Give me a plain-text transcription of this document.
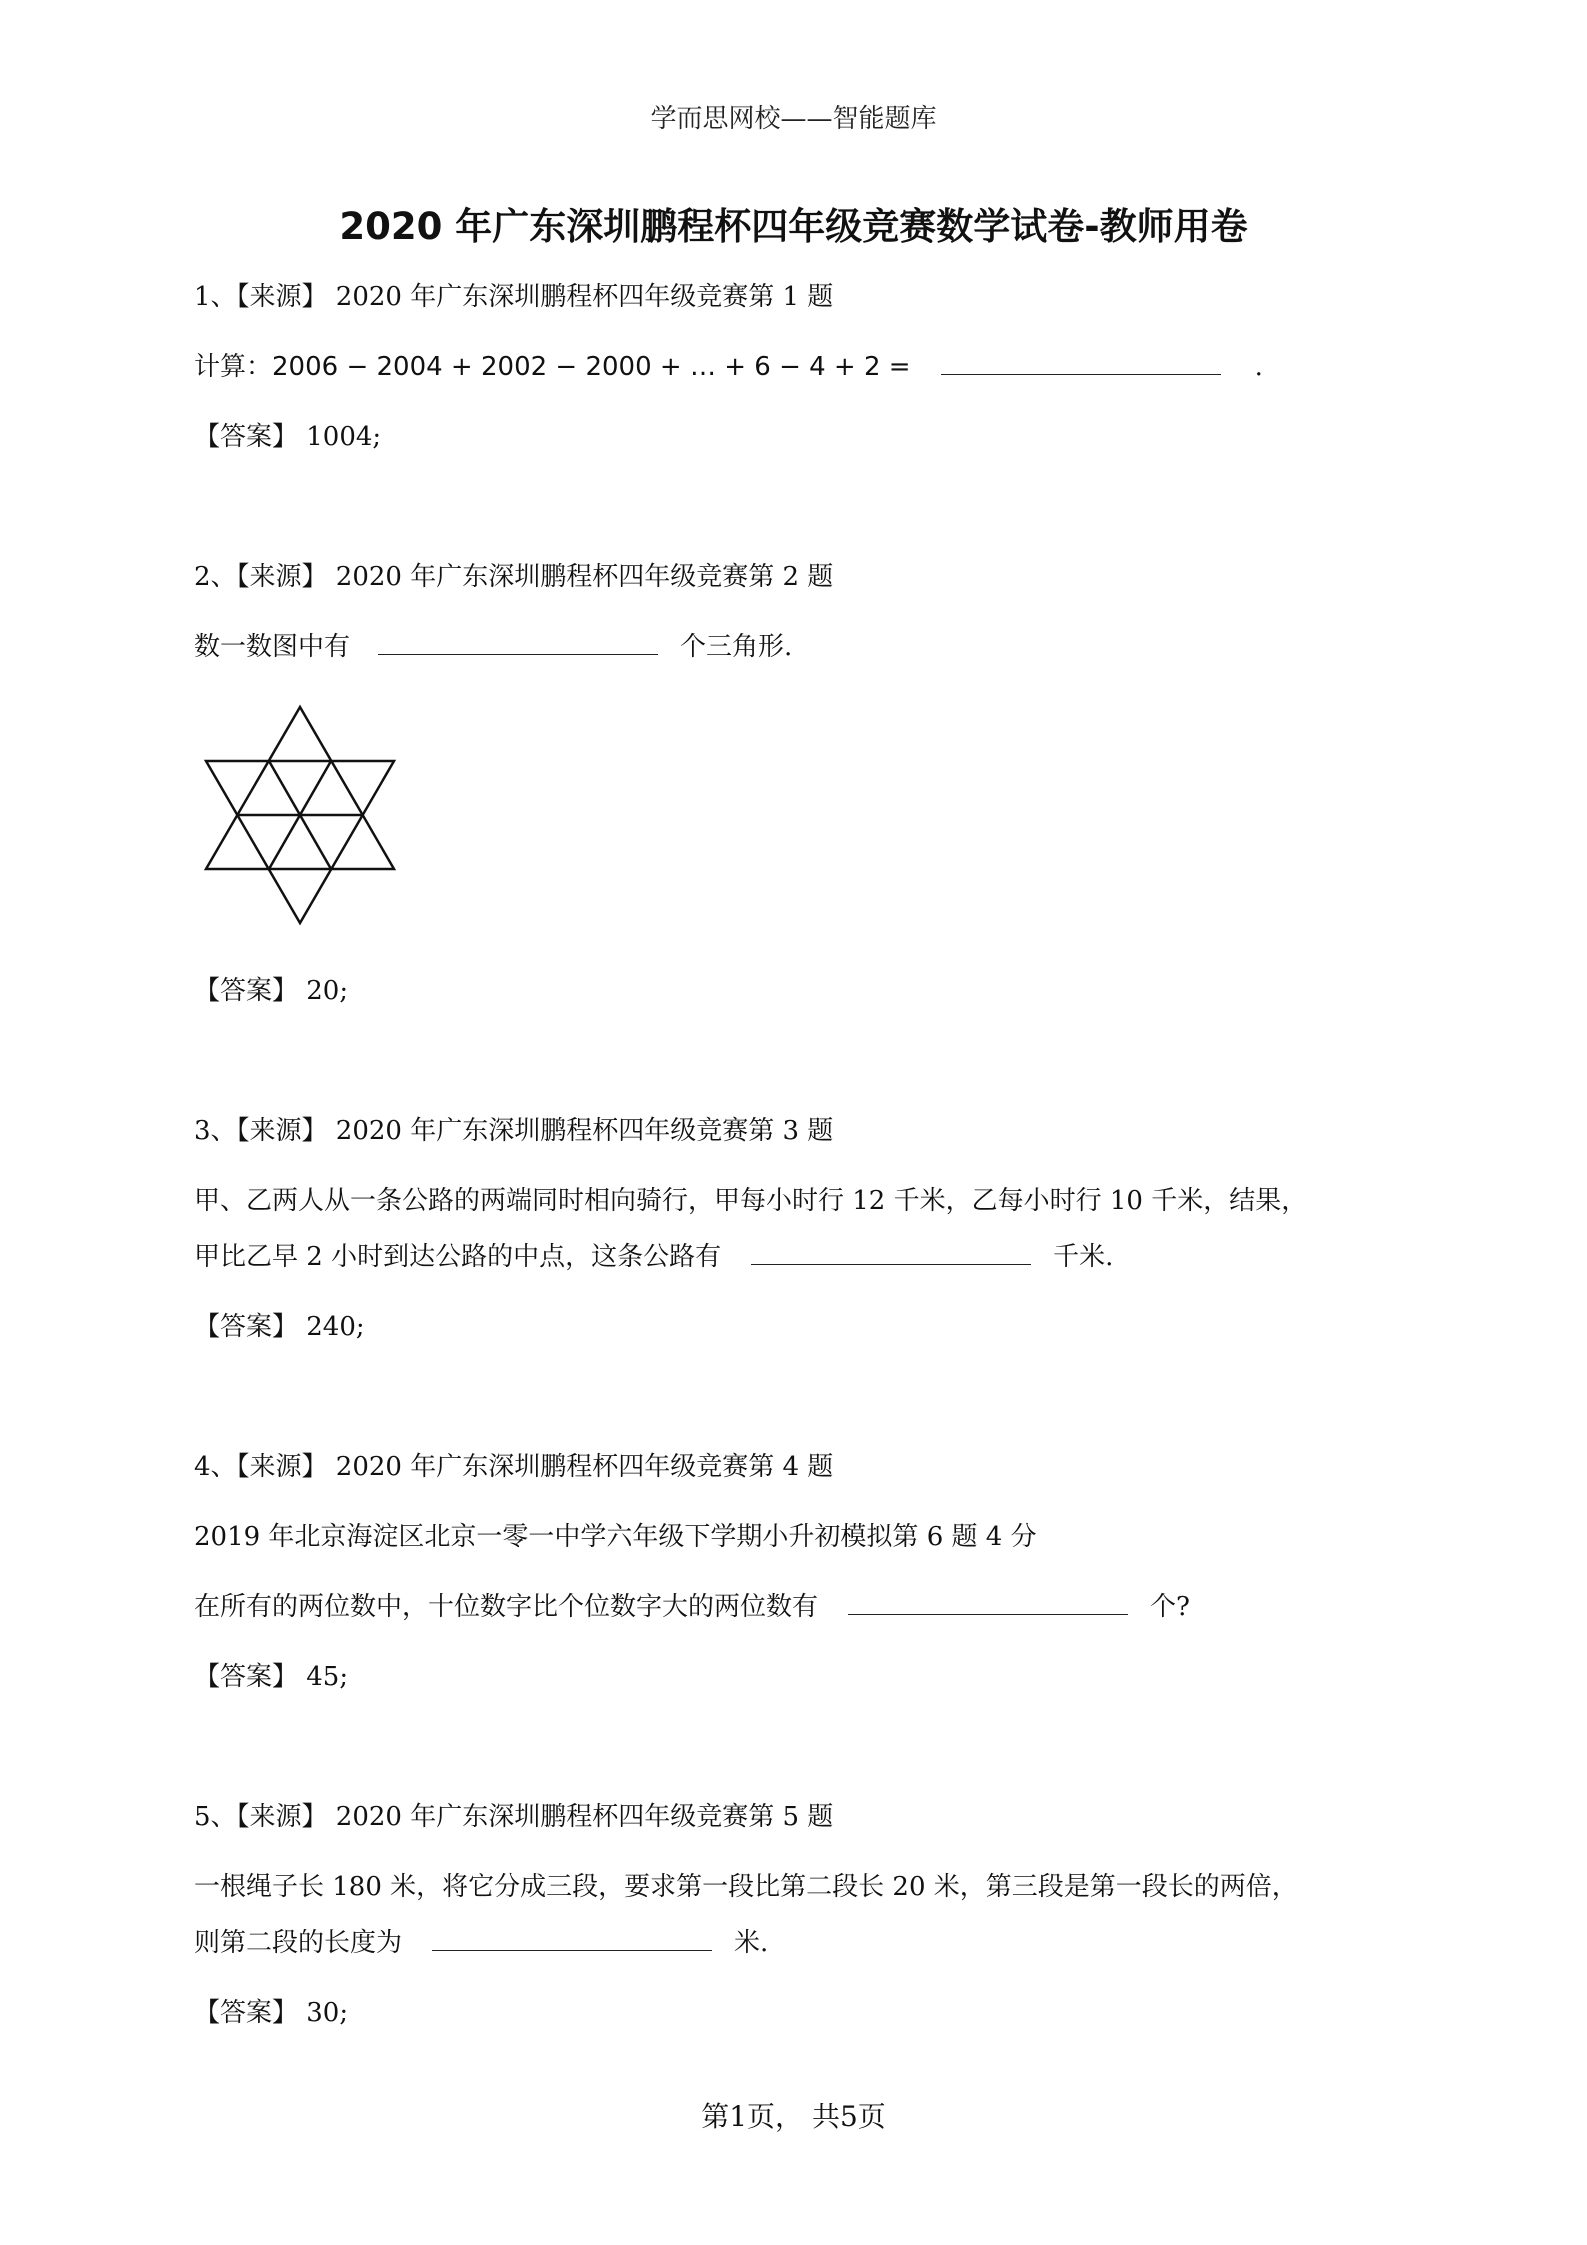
学而思网校——智能题库
2020 年广东深圳鹏程杯四年级竞赛数学试卷-教师用卷
1、【来源】 2020 年广东深圳鹏程杯四年级竞赛第 1 题
计算：2006 − 2004 + 2002 − 2000 + … + 6 − 4 + 2 =	.
【答案】 1004;
2、【来源】 2020 年广东深圳鹏程杯四年级竞赛第 2 题
数一数图中有	个三角形.
【答案】 20;
3、【来源】 2020 年广东深圳鹏程杯四年级竞赛第 3 题
甲、乙两人从一条公路的两端同时相向骑行，甲每小时行 12 千米，乙每小时行 10 千米，结果，
甲比乙早 2 小时到达公路的中点，这条公路有	千米.
【答案】 240;
4、【来源】 2020 年广东深圳鹏程杯四年级竞赛第 4 题
2019 年北京海淀区北京一零一中学六年级下学期小升初模拟第 6 题 4 分
在所有的两位数中，十位数字比个位数字大的两位数有	个?
【答案】 45;
5、【来源】 2020 年广东深圳鹏程杯四年级竞赛第 5 题
一根绳子长 180 米，将它分成三段，要求第一段比第二段长 20 米，第三段是第一段长的两倍，
则第二段的长度为	米.
【答案】 30;
第1页， 共5页
